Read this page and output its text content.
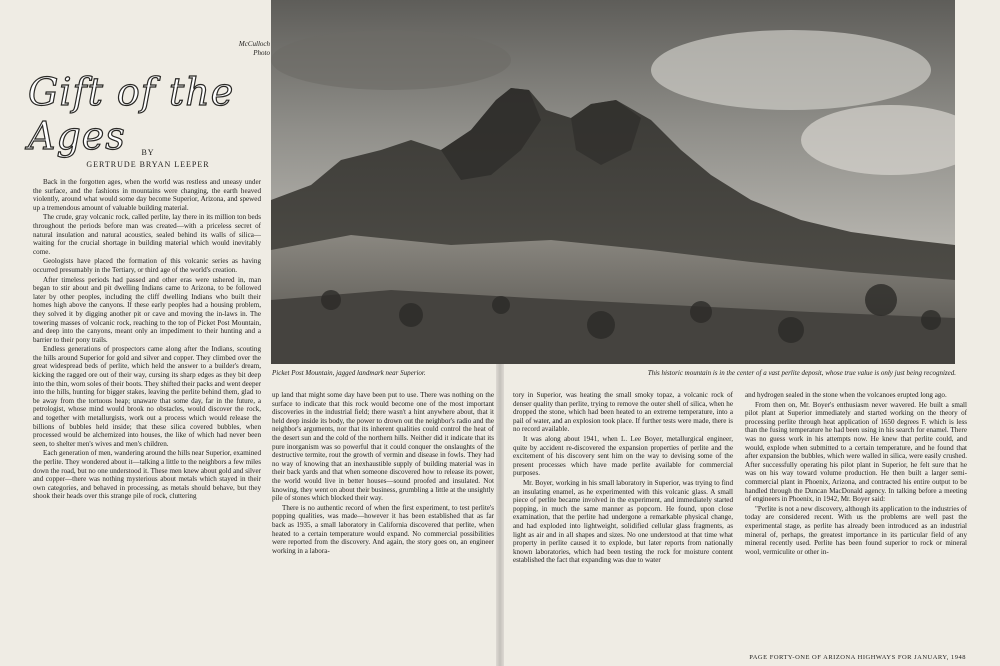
McCulloch Photo
Gift of the Ages	BY
GERTRUDE BRYAN LEEPER

Back in the forgotten ages, when the world was restless and uneasy under the surface, and the fashions in mountains were changing, the earth heaved violently, around what would some day become Superior, Arizona, and spewed up a tremendous amount of valuable building material.

The crude, gray volcanic rock, called perlite, lay there in its million ton beds throughout the periods before man was created—with a priceless secret of natural insulation and natural acoustics, sealed behind its walls of silica—waiting for the crucial shortage in building material which would inevitably come.

Geologists have placed the formation of this volcanic series as having occurred presumably in the Tertiary, or third age of the world's creation.

After timeless periods had passed and other eras were ushered in, man began to stir about and pit dwelling Indians came to Arizona, to be followed later by other peoples, including the cliff dwelling Indians who built their homes high above the canyons. If these early peoples had a housing problem, they solved it by digging another pit or cave and moving the in-laws in. The towering masses of volcanic rock, reaching to the top of Picket Post Mountain, and deep into the canyons, meant only an impediment to their hunting and a barrier to their pony trails.

Endless generations of prospectors came along after the Indians, scouting the hills around Superior for gold and silver and copper. They climbed over the great widespread beds of perlite, which held the answer to a builder's dream, kicking the ragged ore out of their way, cursing its sharp edges as they bit deep into the thin, worn soles of their boots. They shifted their packs and went deeper into the hills, hunting for bigger stakes, leaving the perlite behind them, glad to be away from the tortuous heap; unaware that some day, far in the future, a petrologist, whose mind would brook no obstacles, would discover the rock, and together with metallurgists, work out a process which would release the billions of bubbles held inside; that these silica covered bubbles, when processed would be alchemized into houses, the like of which had never been seen, to shelter men's wives and men's children.

Each generation of men, wandering around the hills near Superior, examined the perlite. They wondered about it—talking a little to the neighbors a few miles down the road, but no one understood it. These men knew about gold and silver and copper—there was nothing mysterious about metals which stayed in their own categories, and behaved in processing, as metals should behave, but they shook their heads over this strange pile of rock, cluttering

Picket Post Mountain, jagged landmark near Superior.	This historic mountain is in the center of a vast perlite deposit, whose true value is only just being recognized.

up land that might some day have been put to use. There was nothing on the surface to indicate that this rock would become one of the most important discoveries in the industrial field; there wasn't a hint anywhere about, that it held deep inside its body, the power to drown out the neighbor's radio and the neighbor's arguments, nor that its inherent qualities could control the heat of the desert sun and the cold of the northern hills. Neither did it indicate that its pure inorganism was so powerful that it could conquer the onslaughts of the destructive termite, rout the growth of vermin and disease in fowls. They had no way of knowing that an inexhaustible supply of building material was in their back yards and that when someone discovered how to release its power, the world would live in better houses—sound proofed and insulated. Not knowing, they went on about their business, grumbling a little at the unsightly pile of stones which blocked their way.

There is no authentic record of when the first experiment, to test perlite's popping qualities, was made—however it has been established that as far back as 1935, a small laboratory in California discovered that perlite, when heated to a certain temperature would expand. No commercial possibilities were reported from the discovery. And again, the story goes on, an engineer working in a labora-

tory in Superior, was heating the small smoky topaz, a volcanic rock of denser quality than perlite, trying to remove the outer shell of silica, when he dropped the stone, which had been heated to an extreme temperature, into a pail of water, and an explosion took place. If further tests were made, there is no record available.

It was along about 1941, when L. Lee Boyer, metallurgical engineer, quite by accident re-discovered the expansion properties of perlite and the excitement of his discovery sent him on the way to devising some of the present processes which have made perlite available for commercial purposes.

Mr. Boyer, working in his small laboratory in Superior, was trying to find an insulating enamel, as he experimented with this volcanic glass. A small piece of perlite became involved in the experiment, and immediately started popping, in much the same manner as popcorn. He found, upon close examination, that the perlite had undergone a remarkable physical change, and had exploded into lightweight, solidified cellular glass fragments, as light as air and in all shapes and sizes. No one understood at that time what property in perlite caused it to explode, but later reports from nationally known laboratories, which had been testing the rock for moisture content established the fact that expanding was due to water

and hydrogen sealed in the stone when the volcanoes erupted long ago.

From then on, Mr. Boyer's enthusiasm never wavered. He built a small pilot plant at Superior immediately and started working on the theory of processing perlite through heat application of 1650 degrees F. which is less than the fusing temperature he had been using in his search for enamel. There was no guess work in his attempts now. He knew that perlite could, and would, explode when submitted to a certain temperature, and he found that after expansion the bubbles, which were walled in silica, were easily crushed. After successfully operating his pilot plant in Superior, he felt sure that he was on his way toward volume production. He then built a larger semi-commercial plant in Phoenix, Arizona, and contracted his entire output to be handled through the Duncan MacDonald agency. In talking before a meeting of engineers in Phoenix, in 1942, Mr. Boyer said:

"Perlite is not a new discovery, although its application to the industries of today are considered recent. With us the problems are well past the experimental stage, as perlite has already been introduced as an industrial mineral of, perhaps, the greatest importance in its particular field of any mineral recently used. Perlite has been found superior to rock or mineral wool, vermiculite or other in-

PAGE FORTY-ONE OF ARIZONA HIGHWAYS FOR JANUARY, 1948
